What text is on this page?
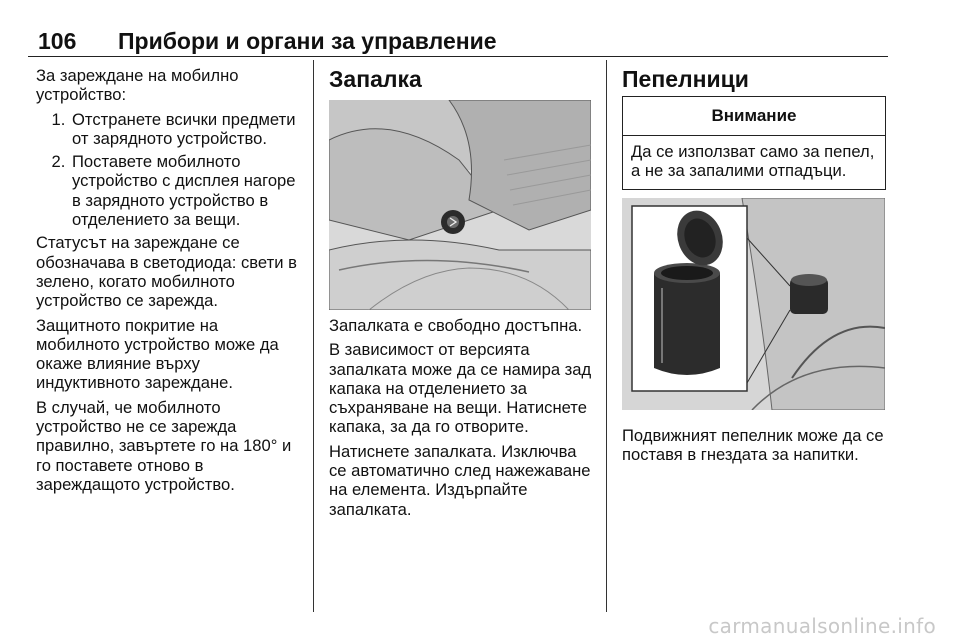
106 Прибори и органи за управление

За зареждане на мобилно устройство:

1. Отстранете всички предмети от зарядното устройство.
2. Поставете мобилното устройство с дисплея нагоре в зарядното устройство в отделението за вещи.

Статусът на зареждане се обозначава в светодиода: свети в зелено, когато мобилното устройство се зарежда.

Защитното покритие на мобилното устройство може да окаже влияние върху индуктивното зареждане.

В случай, че мобилното устройство не се зарежда правилно, завъртете го на 180° и го поставете отново в зареждащото устройство.

Запалка

Запалката е свободно достъпна.

В зависимост от версията запалката може да се намира зад капака на отделението за съхраняване на вещи. Натиснете капака, за да го отворите.

Натиснете запалката. Изключва се автоматично след нажежаване на елемента. Издърпайте запалката.

Пепелници
Внимание
Да се използват само за пепел, а не за запалими отпадъци.

Подвижният пепелник може да се поставя в гнездата за напитки.

carmanualsonline.info
